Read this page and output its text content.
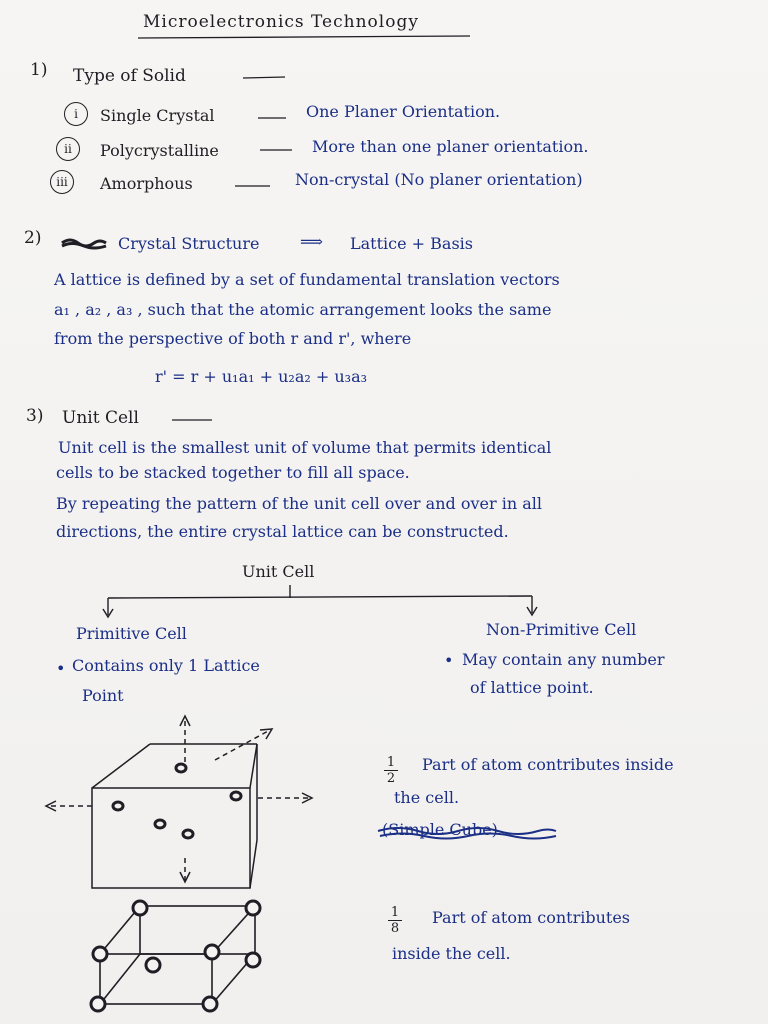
Microelectronics Technology
1) Type of Solid
i	Single Crystal	One Planer Orientation.
ii	Polycrystalline	More than one planer orientation.
iii	Amorphous	Non-crystal (No planer orientation)
2)	Crystal Structure	⟹ Lattice + Basis
A lattice is defined by a set of fundamental translation vectors
a₁ , a₂ , a₃ , such that the atomic arrangement looks the same
from the perspective of both r and r', where
r' = r + u₁a₁ + u₂a₂ + u₃a₃
3) Unit Cell
Unit cell is the smallest unit of volume that permits identical
cells to be stacked together to fill all space.
By repeating the pattern of the unit cell over and over in all
directions, the entire crystal lattice can be constructed.
Unit Cell
Primitive Cell
• Contains only 1 Lattice
Point
Non-Primitive Cell
• May contain any number
of lattice point.
$\frac{1}{2}$ Part of atom contributes inside
the cell.
(Simple Cube)
$\frac{1}{8}$ Part of atom contributes
inside the cell.
